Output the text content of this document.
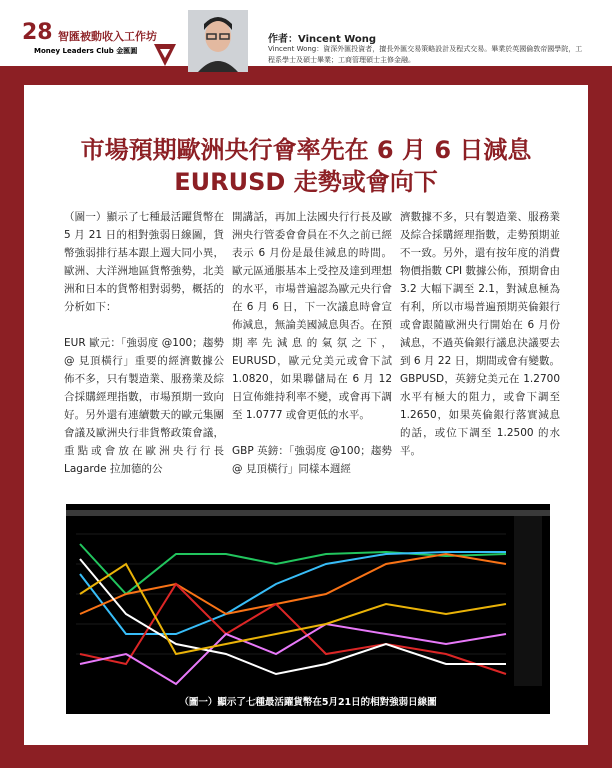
28 智匯被動收入工作坊
Money Leaders Club 金匯圓
作者：Vincent Wong
Vincent Wong：資深外匯投資者，擅長外匯交易策略設計及程式交易。畢業於英國倫敦帝國學院，工程系學士及碩士畢業；工商管理碩士主修金融。
市場預期歐洲央行會率先在 6 月 6 日減息
EURUSD 走勢或會向下

（圖一）顯示了七種最活躍貨幣在 5 月 21 日的相對強弱日線圖，貨幣強弱排行基本跟上週大同小異，歐洲、大洋洲地區貨幣強勢，北美洲和日本的貨幣相對弱勢，概括的分析如下：

EUR 歐元：「強弱度 @100；趨勢 @ 見頂橫行」重要的經濟數據公佈不多，只有製造業、服務業及綜合採購經理指數，市場預期一致向好。另外還有連續數天的歐元集團會議及歐洲央行非貨幣政策會議，重點或會放在歐洲央行行長 Lagarde 拉加德的公

開講話，再加上法國央行行長及歐洲央行管委會會員在不久之前已經表示 6 月份是最佳減息的時間。歐元區通脹基本上受控及達到理想的水平，市場普遍認為歐元央行會在 6 月 6 日，下一次議息時會宣佈減息，無論美國減息與否。在預期率先減息的氣氛之下，EURUSD，歐元兌美元或會下試 1.0820，如果聯儲局在 6 月 12 日宣佈維持利率不變，或會再下調至 1.0777 或會更低的水平。

GBP 英鎊：「強弱度 @100；趨勢 @ 見頂橫行」同樣本週經

濟數據不多，只有製造業、服務業及綜合採購經理指數，走勢預期並不一致。另外，還有按年度的消費物價指數 CPI 數據公佈，預期會由 3.2 大幅下調至 2.1，對減息極為有利，所以市場普遍預期英倫銀行或會跟隨歐洲央行開始在 6 月份減息，不過英倫銀行議息決議要去到 6 月 22 日，期間或會有變數。GBPUSD，英鎊兌美元在 1.2700 水平有極大的阻力，或會下調至 1.2650，如果英倫銀行落實減息的話，或位下調至 1.2500 的水平。

（圖一）顯示了七種最活躍貨幣在5月21日的相對強弱日線圖
